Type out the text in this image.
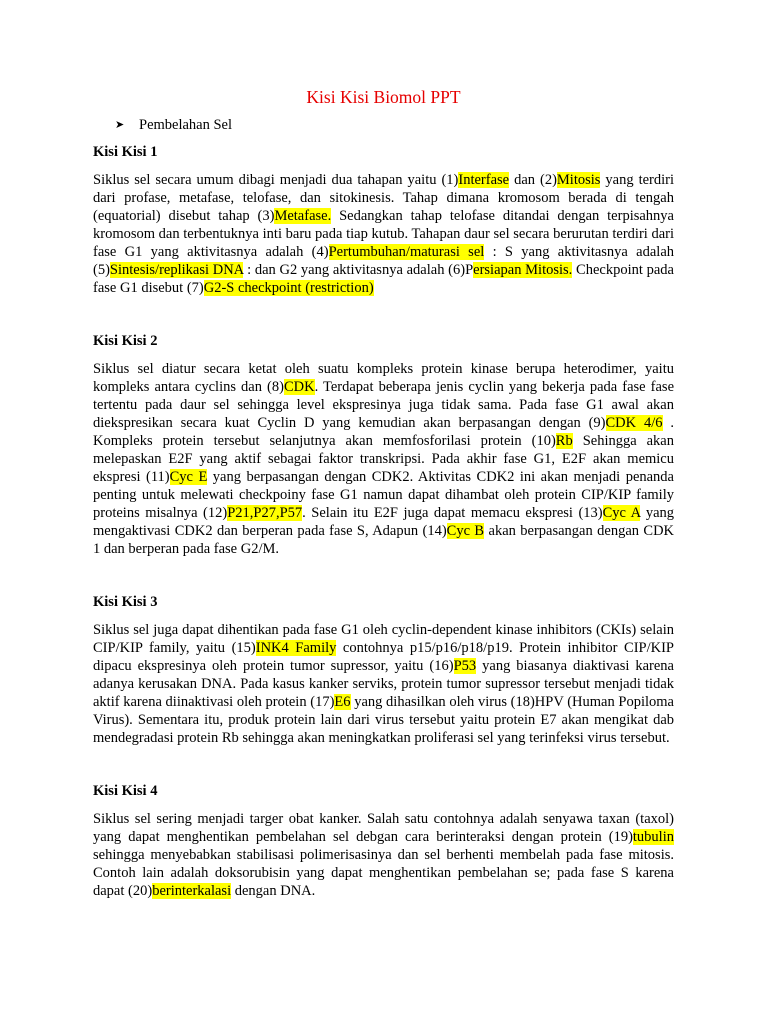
Kisi Kisi Biomol PPT
➤	Pembelahan Sel
Kisi Kisi 1

Siklus sel secara umum dibagi menjadi dua tahapan yaitu (1)Interfase dan (2)Mitosis yang terdiri dari profase, metafase, telofase, dan sitokinesis. Tahap dimana kromosom berada di tengah (equatorial) disebut tahap (3)Metafase. Sedangkan tahap telofase ditandai dengan terpisahnya kromosom dan terbentuknya inti baru pada tiap kutub. Tahapan daur sel secara berurutan terdiri dari fase G1 yang aktivitasnya adalah (4)Pertumbuhan/maturasi sel : S yang aktivitasnya adalah (5)Sintesis/replikasi DNA : dan G2 yang aktivitasnya adalah (6)Persiapan Mitosis. Checkpoint pada fase G1 disebut (7)G2-S checkpoint (restriction)

Kisi Kisi 2

Siklus sel diatur secara ketat oleh suatu kompleks protein kinase berupa heterodimer, yaitu kompleks antara cyclins dan (8)CDK. Terdapat beberapa jenis cyclin yang bekerja pada fase fase tertentu pada daur sel sehingga level ekspresinya juga tidak sama. Pada fase G1 awal akan diekspresikan secara kuat Cyclin D yang kemudian akan berpasangan dengan (9)CDK 4/6 . Kompleks protein tersebut selanjutnya akan memfosforilasi protein (10)Rb Sehingga akan melepaskan E2F yang aktif sebagai faktor transkripsi. Pada akhir fase G1, E2F akan memicu ekspresi (11)Cyc E yang berpasangan dengan CDK2. Aktivitas CDK2 ini akan menjadi penanda penting untuk melewati checkpoiny fase G1 namun dapat dihambat oleh protein CIP/KIP family proteins misalnya (12)P21,P27,P57. Selain itu E2F juga dapat memacu ekspresi (13)Cyc A yang mengaktivasi CDK2 dan berperan pada fase S, Adapun (14)Cyc B akan berpasangan dengan CDK 1 dan berperan pada fase G2/M.

Kisi Kisi 3

Siklus sel juga dapat dihentikan pada fase G1 oleh cyclin-dependent kinase inhibitors (CKIs) selain CIP/KIP family, yaitu (15)INK4 Family contohnya p15/p16/p18/p19. Protein inhibitor CIP/KIP dipacu ekspresinya oleh protein tumor supressor, yaitu (16)P53 yang biasanya diaktivasi karena adanya kerusakan DNA. Pada kasus kanker serviks, protein tumor supressor tersebut menjadi tidak aktif karena diinaktivasi oleh protein (17)E6 yang dihasilkan oleh virus (18)HPV (Human Popiloma Virus). Sementara itu, produk protein lain dari virus tersebut yaitu protein E7 akan mengikat dab mendegradasi protein Rb sehingga akan meningkatkan proliferasi sel yang terinfeksi virus tersebut.

Kisi Kisi 4

Siklus sel sering menjadi targer obat kanker. Salah satu contohnya adalah senyawa taxan (taxol) yang dapat menghentikan pembelahan sel debgan cara berinteraksi dengan protein (19)tubulin sehingga menyebabkan stabilisasi polimerisasinya dan sel berhenti membelah pada fase mitosis. Contoh lain adalah doksorubisin yang dapat menghentikan pembelahan se; pada fase S karena dapat (20)berinterkalasi dengan DNA.
